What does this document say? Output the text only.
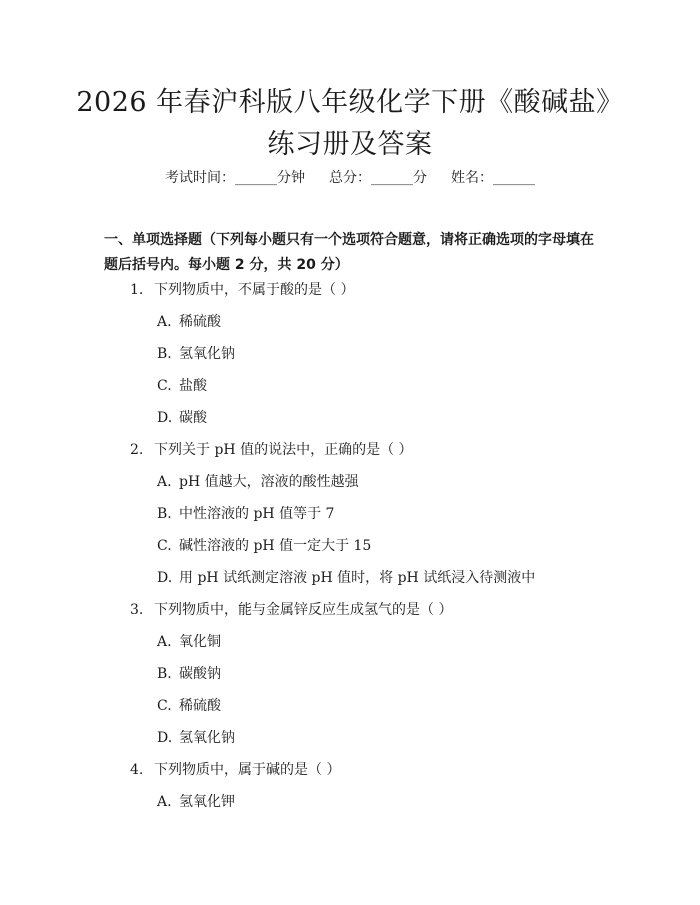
2026 年春沪科版八年级化学下册《酸碱盐》
练习册及答案
考试时间：______分钟 总分：______分 姓名：______
一、单项选择题（下列每小题只有一个选项符合题意，请将正确选项的字母填在题后括号内。每小题 2 分，共 20 分）
1. 下列物质中，不属于酸的是（ ）
A. 稀硫酸
B. 氢氧化钠
C. 盐酸
D. 碳酸
2. 下列关于 pH 值的说法中，正确的是（ ）
A. pH 值越大，溶液的酸性越强
B. 中性溶液的 pH 值等于 7
C. 碱性溶液的 pH 值一定大于 15
D. 用 pH 试纸测定溶液 pH 值时，将 pH 试纸浸入待测液中
3. 下列物质中，能与金属锌反应生成氢气的是（ ）
A. 氧化铜
B. 碳酸钠
C. 稀硫酸
D. 氢氧化钠
4. 下列物质中，属于碱的是（ ）
A. 氢氧化钾
